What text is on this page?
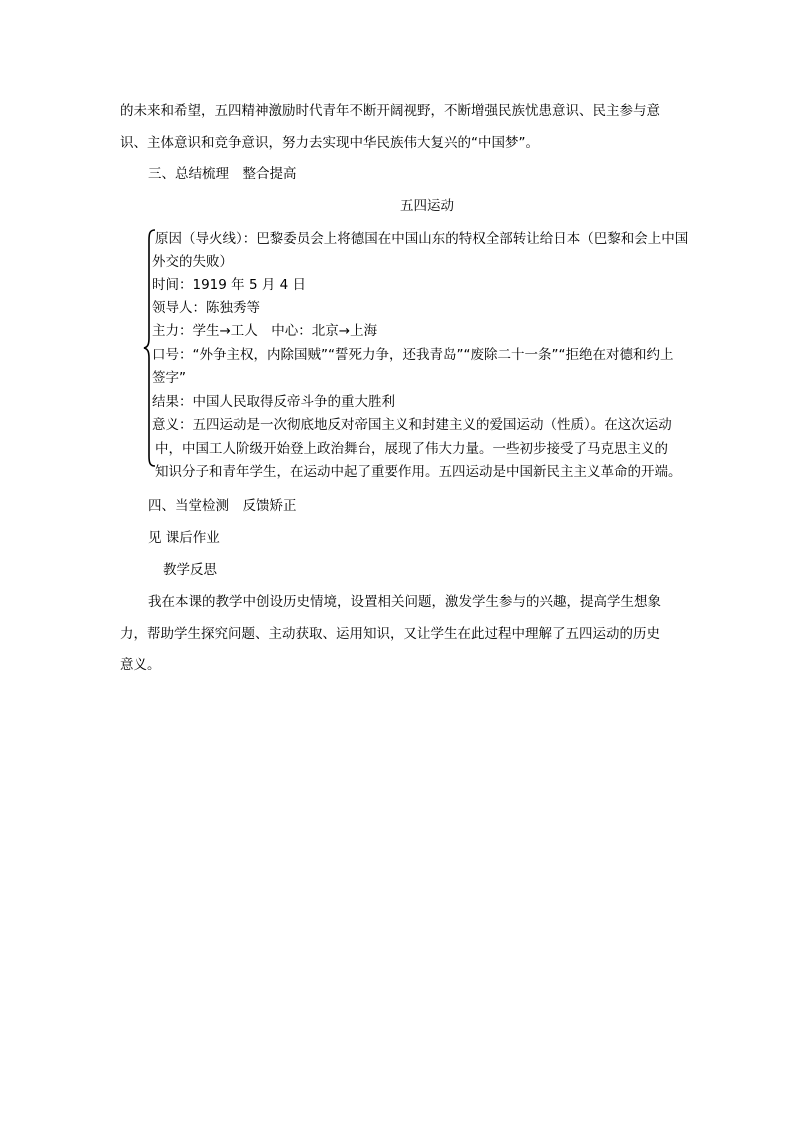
的未来和希望，五四精神激励时代青年不断开阔视野，不断增强民族忧患意识、民主参与意
识、主体意识和竞争意识，努力去实现中华民族伟大复兴的“中国梦”。
三、总结梳理　整合提高
五四运动
原因（导火线）：巴黎委员会上将德国在中国山东的特权全部转让给日本（巴黎和会上中国
外交的失败）
时间：1919 年 5 月 4 日
领导人：陈独秀等
主力：学生→工人　中心：北京→上海
口号：“外争主权，内除国贼”“誓死力争，还我青岛”“废除二十一条”“拒绝在对德和约上
签字”
结果：中国人民取得反帝斗争的重大胜利
意义：五四运动是一次彻底地反对帝国主义和封建主义的爱国运动（性质）。在这次运动
中，中国工人阶级开始登上政治舞台，展现了伟大力量。一些初步接受了马克思主义的
知识分子和青年学生，在运动中起了重要作用。五四运动是中国新民主主义革命的开端。
四、当堂检测　反馈矫正
见 课后作业
教学反思
我在本课的教学中创设历史情境，设置相关问题，激发学生参与的兴趣，提高学生想象
力，帮助学生探究问题、主动获取、运用知识，又让学生在此过程中理解了五四运动的历史
意义。
